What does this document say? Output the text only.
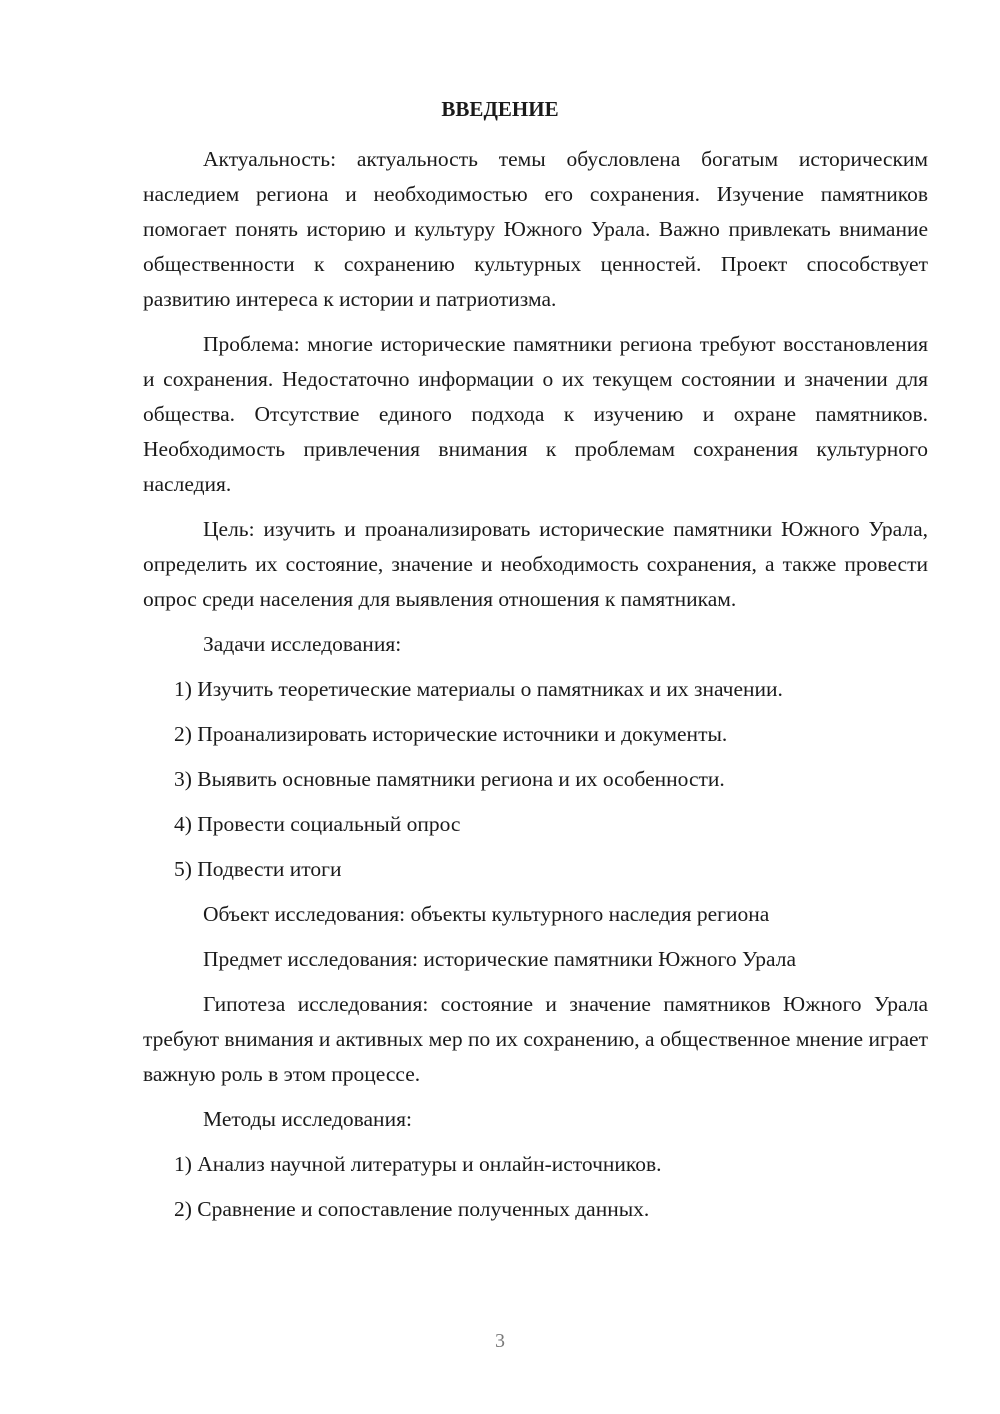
ВВЕДЕНИЕ

Актуальность: актуальность темы обусловлена богатым историческим наследием региона и необходимостью его сохранения. Изучение памятников помогает понять историю и культуру Южного Урала. Важно привлекать внимание общественности к сохранению культурных ценностей. Проект способствует развитию интереса к истории и патриотизма.

Проблема: многие исторические памятники региона требуют восстановления и сохранения. Недостаточно информации о их текущем состоянии и значении для общества. Отсутствие единого подхода к изучению и охране памятников. Необходимость привлечения внимания к проблемам сохранения культурного наследия.

Цель: изучить и проанализировать исторические памятники Южного Урала, определить их состояние, значение и необходимость сохранения, а также провести опрос среди населения для выявления отношения к памятникам.

Задачи исследования:

1) Изучить теоретические материалы о памятниках и их значении.

2) Проанализировать исторические источники и документы.

3) Выявить основные памятники региона и их особенности.

4) Провести социальный опрос

5) Подвести итоги

Объект исследования: объекты культурного наследия региона

Предмет исследования: исторические памятники Южного Урала

Гипотеза исследования: состояние и значение памятников Южного Урала требуют внимания и активных мер по их сохранению, а общественное мнение играет важную роль в этом процессе.

Методы исследования:

1) Анализ научной литературы и онлайн-источников.

2) Сравнение и сопоставление полученных данных.

3
